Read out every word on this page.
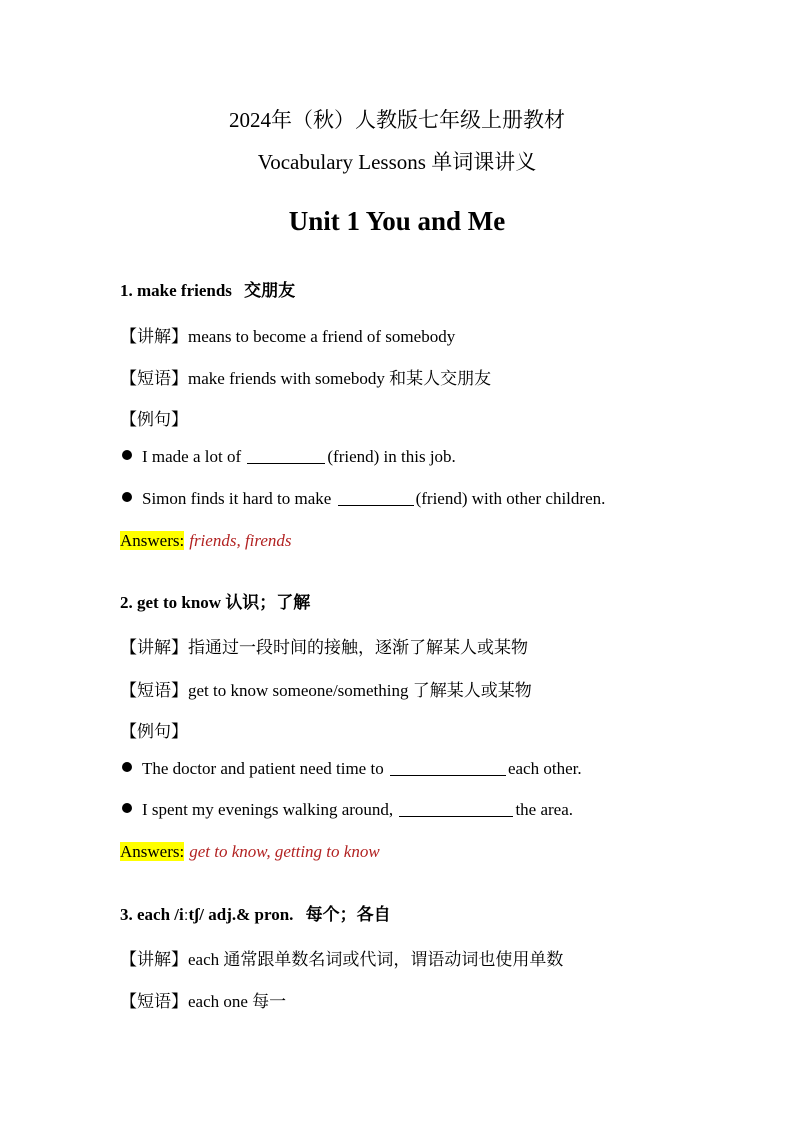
2024年（秋）人教版七年级上册教材
Vocabulary Lessons 单词课讲义
Unit 1 You and Me
1. make friends 交朋友
【讲解】means to become a friend of somebody
【短语】make friends with somebody 和某人交朋友
【例句】
I made a lot of	(friend) in this job.
Simon finds it hard to make	(friend) with other children.
Answers: friends, firends
2. get to know 认识；了解
【讲解】指通过一段时间的接触，逐渐了解某人或某物
【短语】get to know someone/something 了解某人或某物
【例句】
The doctor and patient need time to	each other.
I spent my evenings walking around,	the area.
Answers: get to know, getting to know
3. each /iːtʃ/ adj.& pron. 每个；各自
【讲解】each 通常跟单数名词或代词，谓语动词也使用单数
【短语】each one 每一
